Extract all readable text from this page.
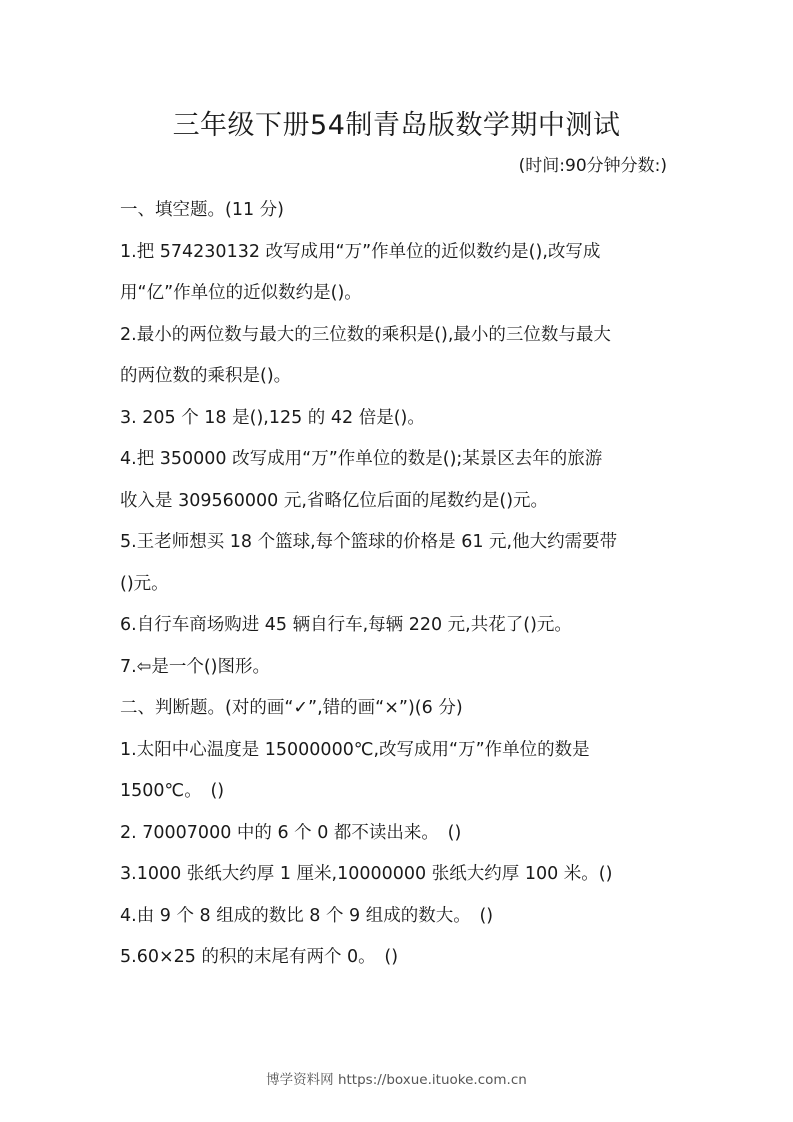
三年级下册54制青岛版数学期中测试
(时间:90分钟分数:)
一、填空题。(11 分)
1.把 574230132 改写成用“万”作单位的近似数约是(),改写成
用“亿”作单位的近似数约是()。
2.最小的两位数与最大的三位数的乘积是(),最小的三位数与最大
的两位数的乘积是()。
3. 205 个 18 是(),125 的 42 倍是()。
4.把 350000 改写成用“万”作单位的数是();某景区去年的旅游
收入是 309560000 元,省略亿位后面的尾数约是()元。
5.王老师想买 18 个篮球,每个篮球的价格是 61 元,他大约需要带
()元。
6.自行车商场购进 45 辆自行车,每辆 220 元,共花了()元。
7.⇦是一个()图形。
二、判断题。(对的画“✓”,错的画“×”)(6 分)
1.太阳中心温度是 15000000℃,改写成用“万”作单位的数是
1500℃。　()
2. 70007000 中的 6 个 0 都不读出来。　()
3.1000 张纸大约厚 1 厘米,10000000 张纸大约厚 100 米。()
4.由 9 个 8 组成的数比 8 个 9 组成的数大。　()
5.60×25 的积的末尾有两个 0。　()
博学资料网 https://boxue.ituoke.com.cn
